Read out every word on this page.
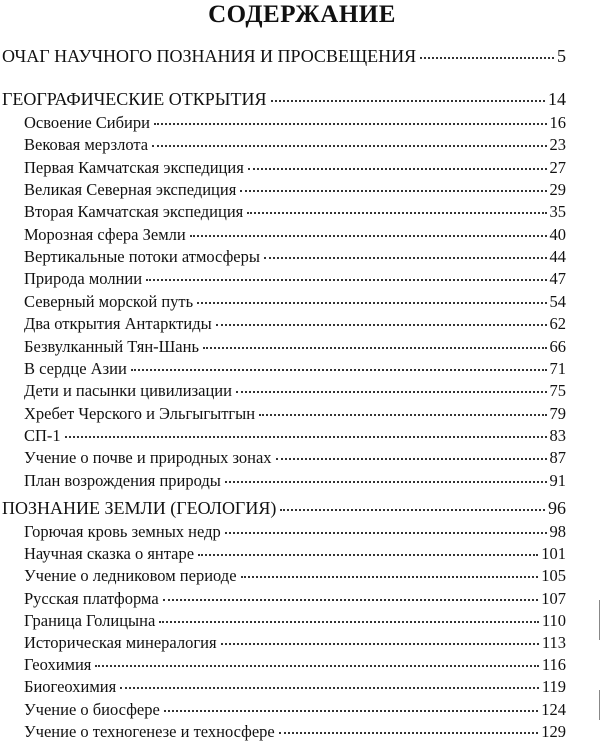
СОДЕРЖАНИЕ
ОЧАГ НАУЧНОГО ПОЗНАНИЯ И ПРОСВЕЩЕНИЯ	5
ГЕОГРАФИЧЕСКИЕ ОТКРЫТИЯ	14
Освоение Сибири	16
Вековая мерзлота	23
Первая Камчатская экспедиция	27
Великая Северная экспедиция	29
Вторая Камчатская экспедиция	35
Морозная сфера Земли	40
Вертикальные потоки атмосферы	44
Природа молнии	47
Северный морской путь	54
Два открытия Антарктиды	62
Безвулканный Тян-Шань	66
В сердце Азии	71
Дети и пасынки цивилизации	75
Хребет Черского и Эльгыгытгын	79
СП-1	83
Учение о почве и природных зонах	87
План возрождения природы	91
ПОЗНАНИЕ ЗЕМЛИ (ГЕОЛОГИЯ)	96
Горючая кровь земных недр	98
Научная сказка о янтаре	101
Учение о ледниковом периоде	105
Русская платформа	107
Граница Голицына	110
Историческая минералогия	113
Геохимия	116
Биогеохимия	119
Учение о биосфере	124
Учение о техногенезе и техносфере	129
